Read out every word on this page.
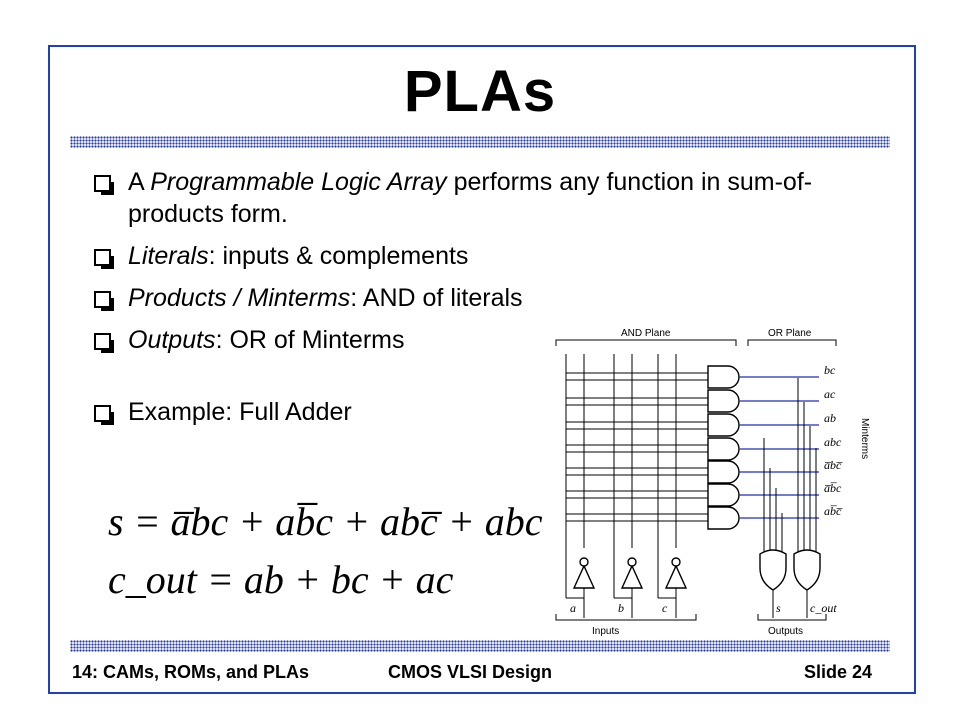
PLAs
A Programmable Logic Array performs any function in sum-of-products form.
Literals: inputs & complements
Products / Minterms: AND of literals
Outputs: OR of Minterms
Example: Full Adder
s = a̅bc + ab̅c + abc̅ + abc
c_out = ab + bc + ac
AND Plane	OR Plane
a	b	c	s c_out
Inputs	Outputs
bc
ac
ab
abc
a̅bc̅
a̅b̅c
ab̅c̅
Minterms
14: CAMs, ROMs, and PLAs	CMOS VLSI Design	Slide 24
